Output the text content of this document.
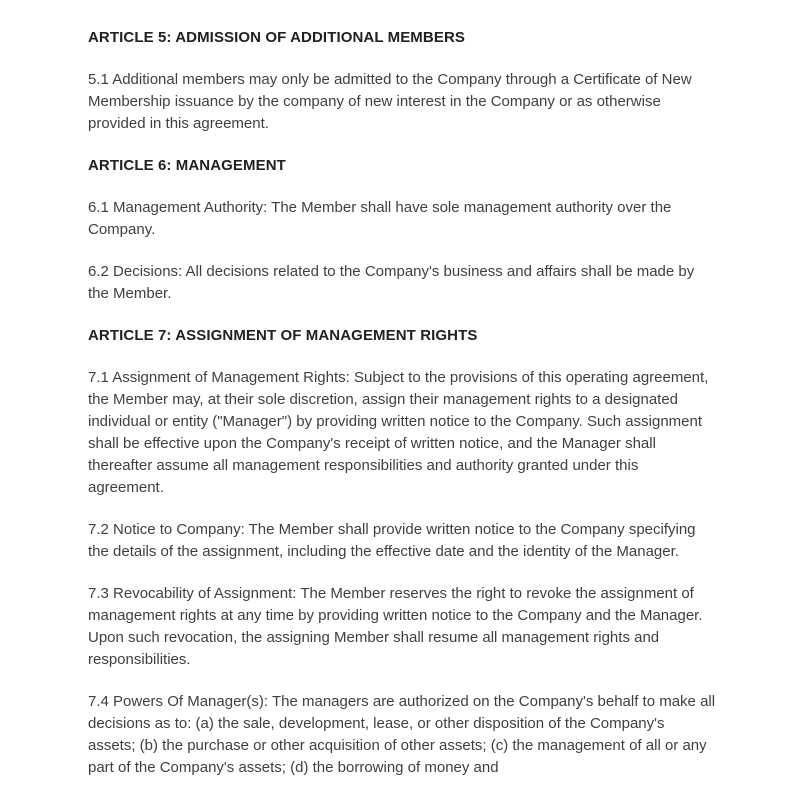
ARTICLE 5: ADMISSION OF ADDITIONAL MEMBERS

5.1 Additional members may only be admitted to the Company through a Certificate of New Membership issuance by the company of new interest in the Company or as otherwise provided in this agreement.

ARTICLE 6: MANAGEMENT

6.1 Management Authority: The Member shall have sole management authority over the Company.

6.2 Decisions: All decisions related to the Company's business and affairs shall be made by the Member.

ARTICLE 7: ASSIGNMENT OF MANAGEMENT RIGHTS

7.1 Assignment of Management Rights: Subject to the provisions of this operating agreement, the Member may, at their sole discretion, assign their management rights to a designated individual or entity ("Manager") by providing written notice to the Company. Such assignment shall be effective upon the Company's receipt of written notice, and the Manager shall thereafter assume all management responsibilities and authority granted under this agreement.

7.2 Notice to Company: The Member shall provide written notice to the Company specifying the details of the assignment, including the effective date and the identity of the Manager.

7.3 Revocability of Assignment: The Member reserves the right to revoke the assignment of management rights at any time by providing written notice to the Company and the Manager. Upon such revocation, the assigning Member shall resume all management rights and responsibilities.

7.4 Powers Of Manager(s): The managers are authorized on the Company's behalf to make all decisions as to: (a) the sale, development, lease, or other disposition of the Company's assets; (b) the purchase or other acquisition of other assets; (c) the management of all or any part of the Company's assets; (d) the borrowing of money and
